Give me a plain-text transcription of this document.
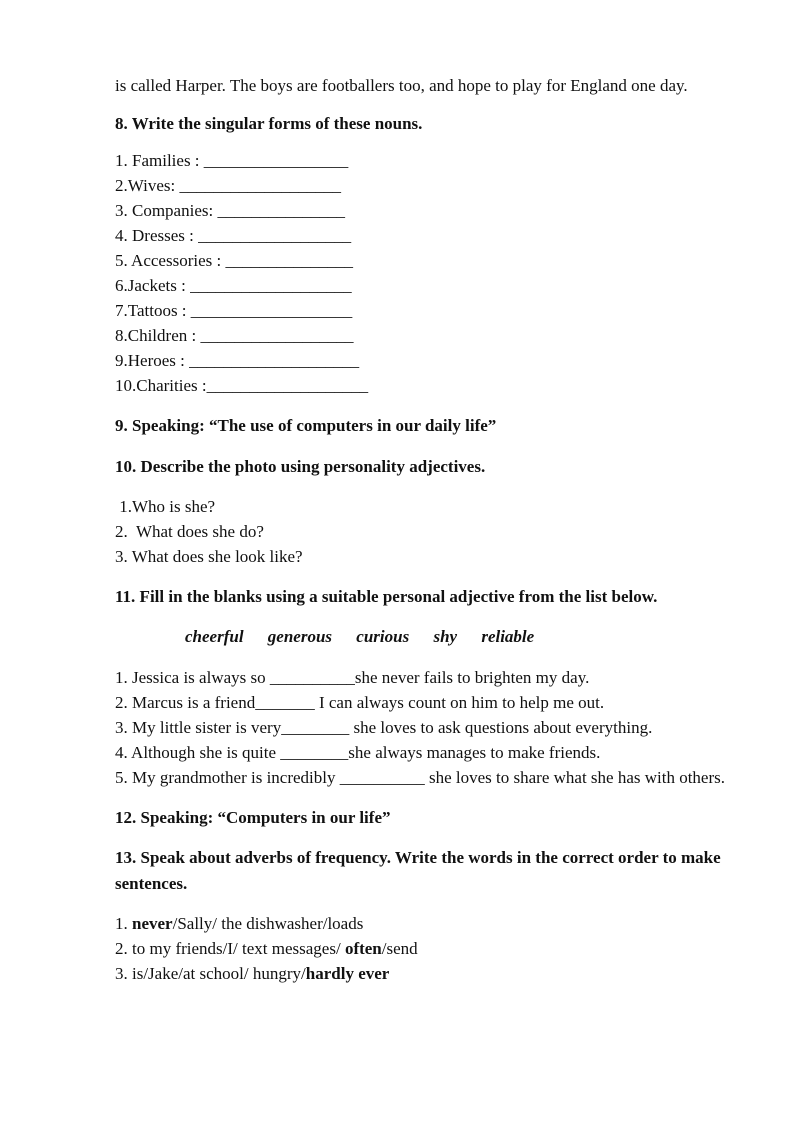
is called Harper. The boys are footballers too, and hope to play for England one day.

8. Write the singular forms of these nouns.

1. Families : _________________
2.Wives: ___________________
3. Companies: _______________
4. Dresses : __________________
5. Accessories : _______________
6.Jackets : ___________________
7.Tattoos : ___________________
8.Children : __________________
9.Heroes : ____________________
10.Charities :___________________

9. Speaking: “The use of computers in our daily life”

10. Describe the photo using personality adjectives.

1.Who is she?
2.  What does she do?
3. What does she look like?

11. Fill in the blanks using a suitable personal adjective from the list below.

cheerful generous curious shy reliable

1. Jessica is always so __________she never fails to brighten my day.
2. Marcus is a friend_______ I can always count on him to help me out.
3. My little sister is very________ she loves to ask questions about everything.
4. Although she is quite ________she always manages to make friends.
5. My grandmother is incredibly __________ she loves to share what she has with others.

12. Speaking: “Computers in our life”

13. Speak about adverbs of frequency. Write the words in the correct order to make sentences.

1. never/Sally/ the dishwasher/loads
2. to my friends/I/ text messages/ often/send
3. is/Jake/at school/ hungry/hardly ever
